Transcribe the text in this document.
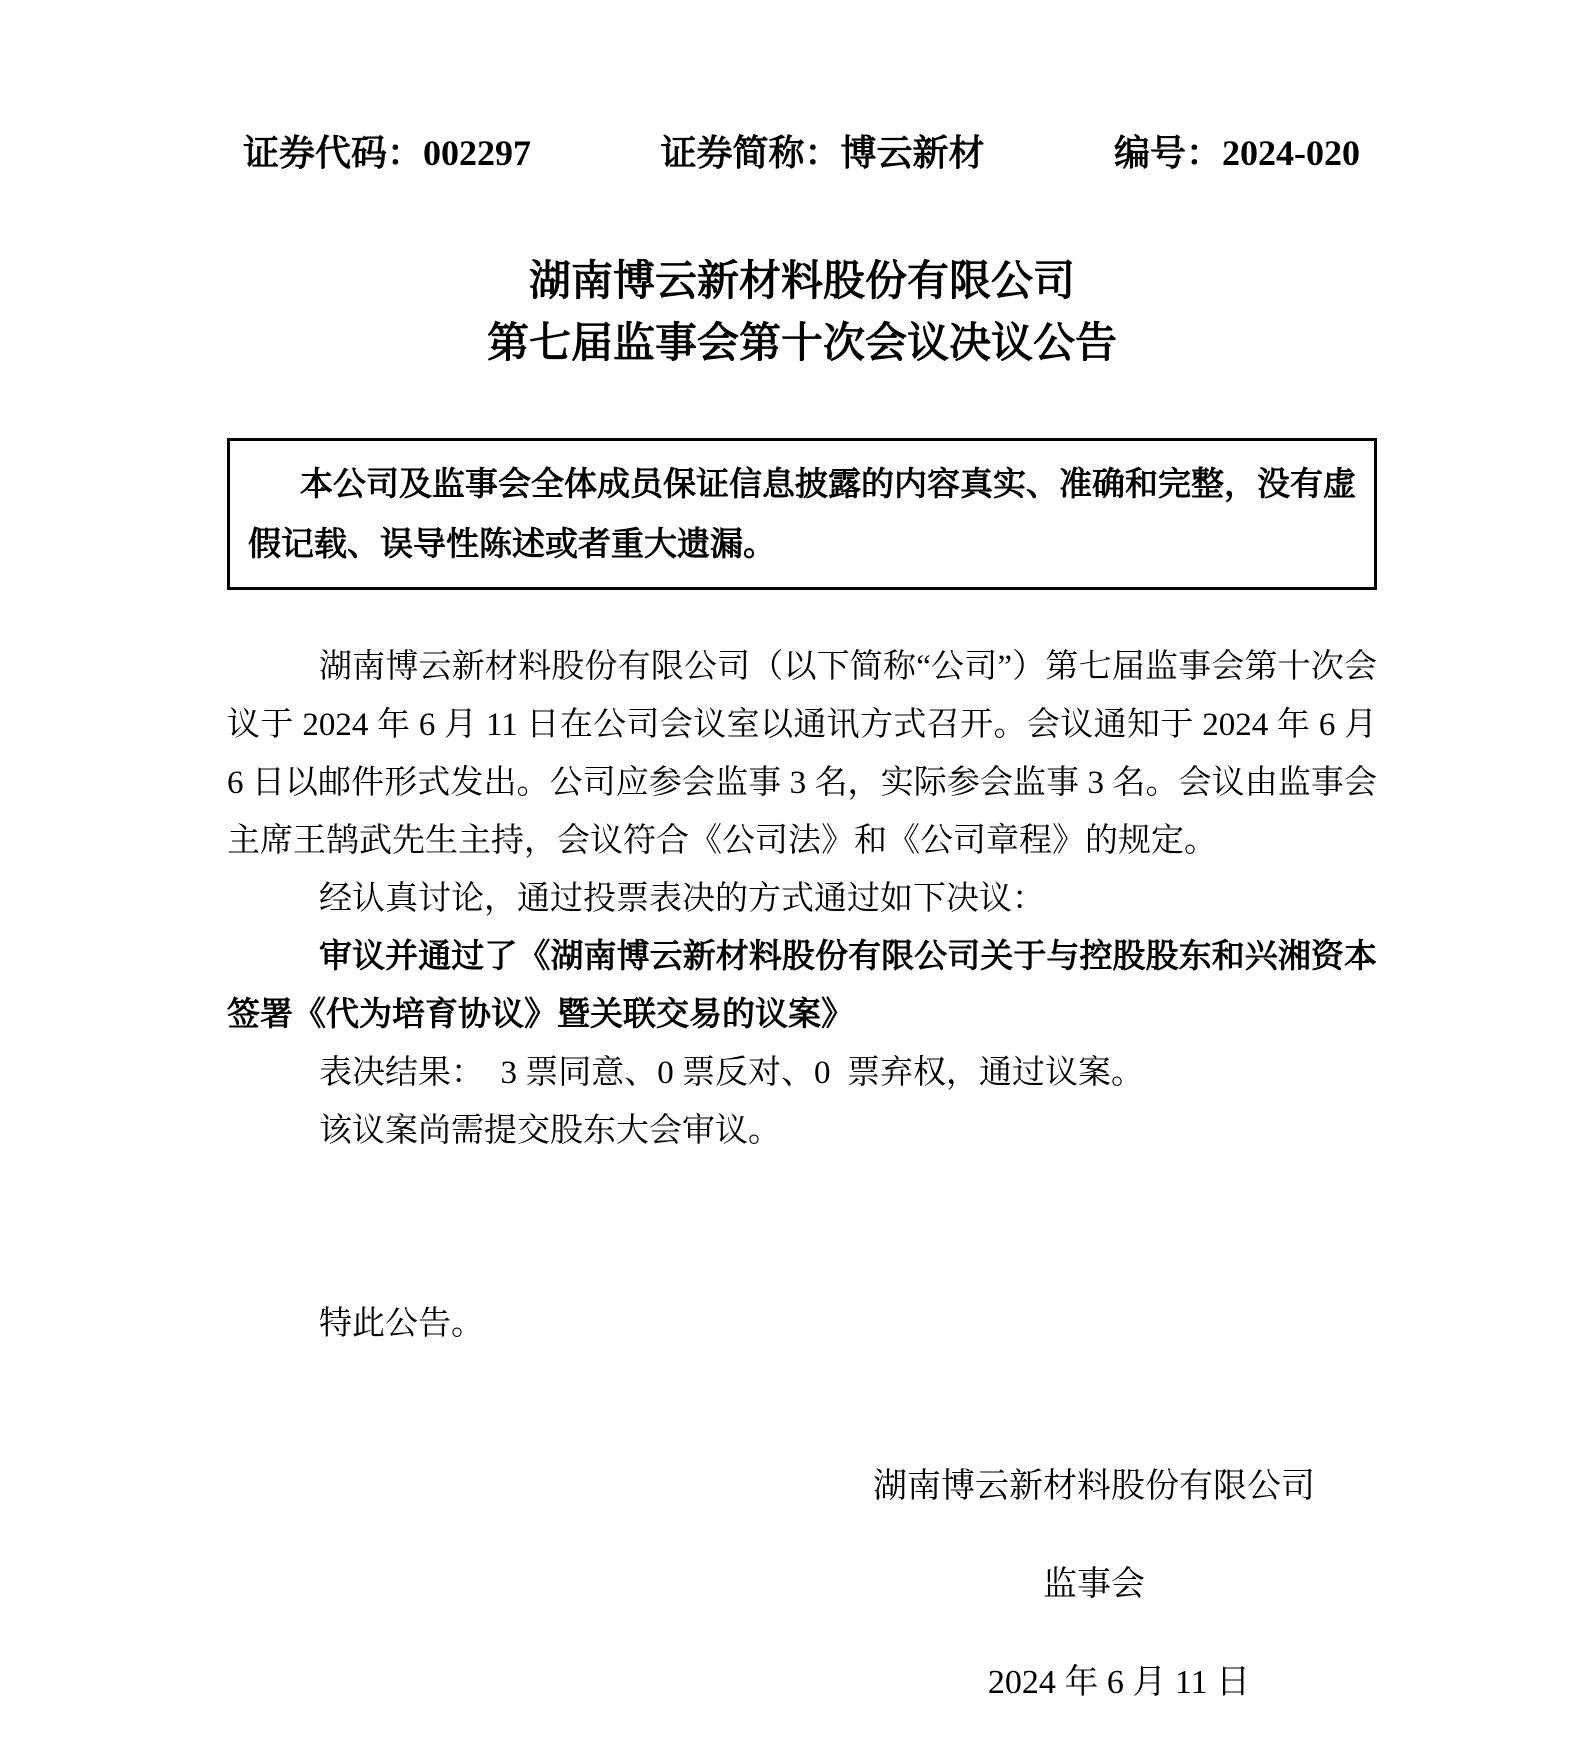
证券代码：002297	证券简称：博云新材	编号：2024-020
湖南博云新材料股份有限公司
第七届监事会第十次会议决议公告
本公司及监事会全体成员保证信息披露的内容真实、准确和完整，没有虚假记载、误导性陈述或者重大遗漏。

湖南博云新材料股份有限公司（以下简称“公司”）第七届监事会第十次会议于 2024 年 6 月 11 日在公司会议室以通讯方式召开。会议通知于 2024 年 6 月 6 日以邮件形式发出。公司应参会监事 3 名，实际参会监事 3 名。会议由监事会主席王鹄武先生主持，会议符合《公司法》和《公司章程》的规定。

经认真讨论，通过投票表决的方式通过如下决议：

审议并通过了《湖南博云新材料股份有限公司关于与控股股东和兴湘资本签署《代为培育协议》暨关联交易的议案》

表决结果：  3 票同意、0 票反对、0  票弃权，通过议案。

该议案尚需提交股东大会审议。

特此公告。

湖南博云新材料股份有限公司
监事会
2024 年 6 月 11 日
